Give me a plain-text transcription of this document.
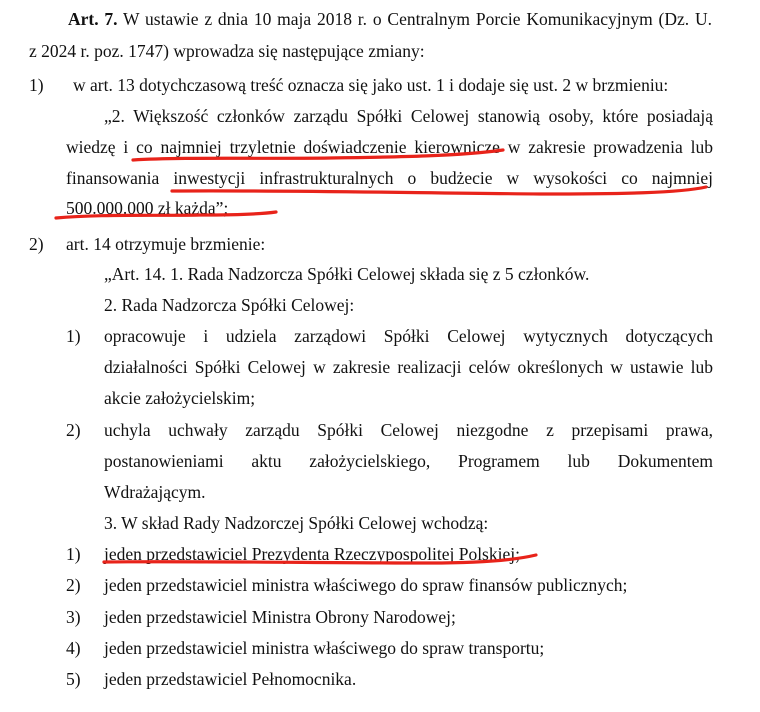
Art. 7. W ustawie z dnia 10 maja 2018 r. o Centralnym Porcie Komunikacyjnym (Dz. U.
z 2024 r. poz. 1747) wprowadza się następujące zmiany:
1) w art. 13 dotychczasową treść oznacza się jako ust. 1 i dodaje się ust. 2 w brzmieniu:
„2. Większość członków zarządu Spółki Celowej stanowią osoby, które posiadają
wiedzę i co najmniej trzyletnie doświadczenie kierownicze w zakresie prowadzenia lub
finansowania inwestycji infrastrukturalnych o budżecie w wysokości co najmniej
500.000.000 zł każda”;
2) art. 14 otrzymuje brzmienie:
„Art. 14. 1. Rada Nadzorcza Spółki Celowej składa się z 5 członków.
2. Rada Nadzorcza Spółki Celowej:
1) opracowuje i udziela zarządowi Spółki Celowej wytycznych dotyczących
działalności Spółki Celowej w zakresie realizacji celów określonych w ustawie lub
akcie założycielskim;
2) uchyla uchwały zarządu Spółki Celowej niezgodne z przepisami prawa,
postanowieniami aktu założycielskiego, Programem lub Dokumentem
Wdrażającym.
3. W skład Rady Nadzorczej Spółki Celowej wchodzą:
1) jeden przedstawiciel Prezydenta Rzeczypospolitej Polskiej;
2) jeden przedstawiciel ministra właściwego do spraw finansów publicznych;
3) jeden przedstawiciel Ministra Obrony Narodowej;
4) jeden przedstawiciel ministra właściwego do spraw transportu;
5) jeden przedstawiciel Pełnomocnika.
